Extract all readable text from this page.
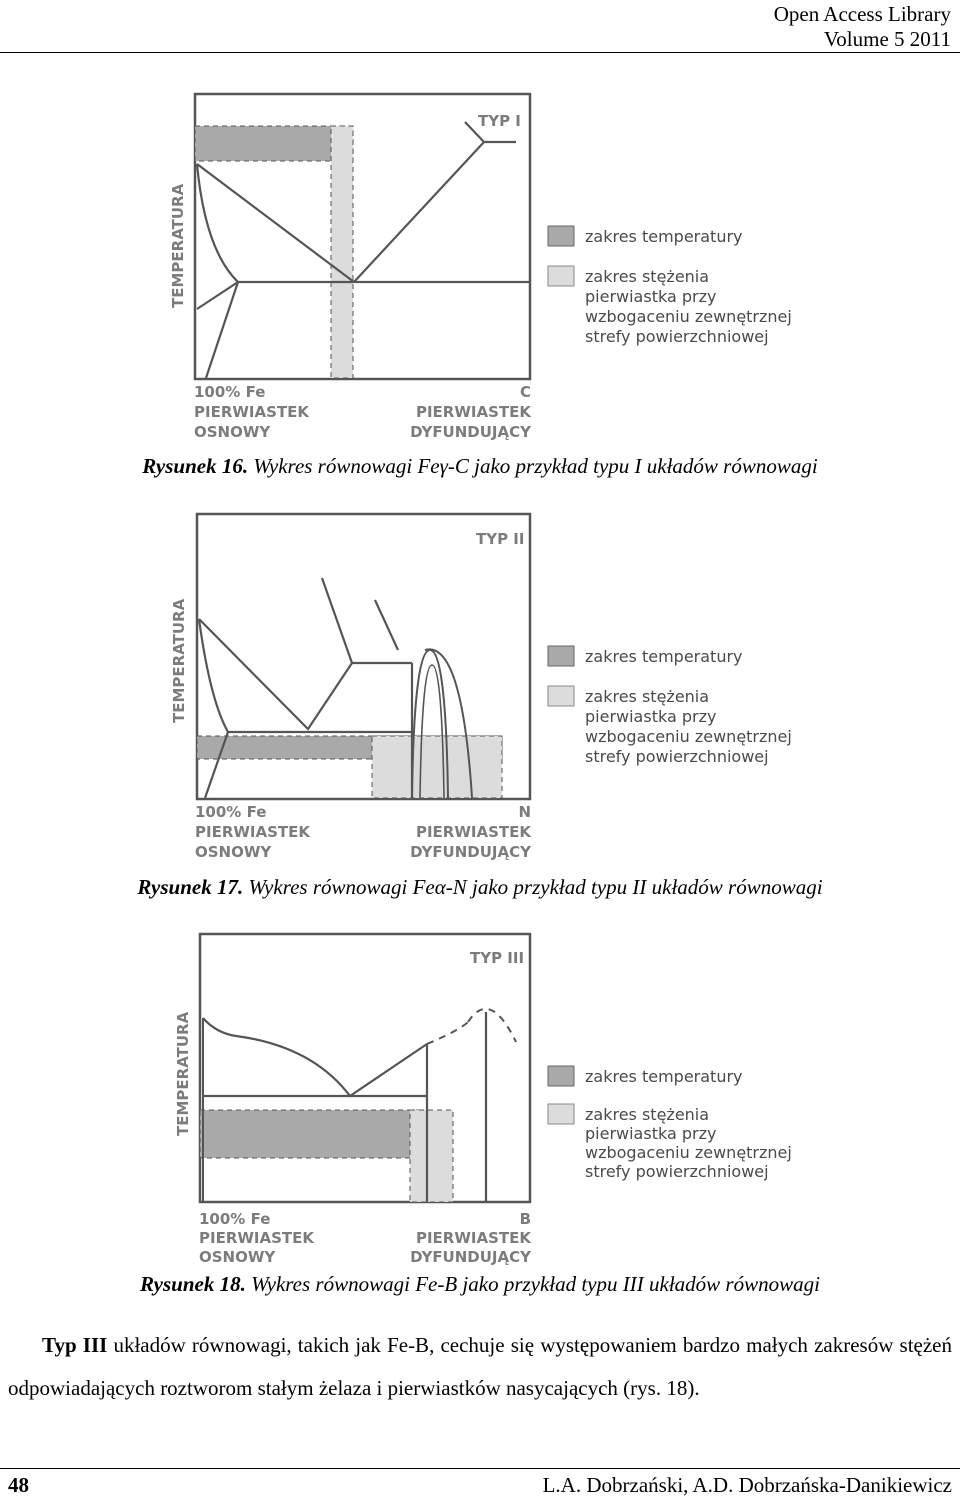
Open Access Library
Volume 5 2011
TYP I
TEMPERATURA
100% Fe
PIERWIASTEK
OSNOWY
C
PIERWIASTEK
DYFUNDUJĄCY
zakres temperatury
zakres stężenia
pierwiastka przy
wzbogaceniu zewnętrznej
strefy powierzchniowej
Rysunek 16. Wykres równowagi Feγ-C jako przykład typu I układów równowagi
TYP II
TEMPERATURA
100% Fe
PIERWIASTEK
OSNOWY
N
PIERWIASTEK
DYFUNDUJĄCY
zakres temperatury
zakres stężenia
pierwiastka przy
wzbogaceniu zewnętrznej
strefy powierzchniowej
Rysunek 17. Wykres równowagi Feα-N jako przykład typu II układów równowagi
TYP III
TEMPERATURA
100% Fe
PIERWIASTEK
OSNOWY
B
PIERWIASTEK
DYFUNDUJĄCY
zakres temperatury
zakres stężenia
pierwiastka przy
wzbogaceniu zewnętrznej
strefy powierzchniowej
Rysunek 18. Wykres równowagi Fe-B jako przykład typu III układów równowagi

Typ III układów równowagi, takich jak Fe-B, cechuje się występowaniem bardzo małych zakresów stężeń odpowiadających roztworom stałym żelaza i pierwiastków nasycających (rys. 18).

48	L.A. Dobrzański, A.D. Dobrzańska-Danikiewicz
